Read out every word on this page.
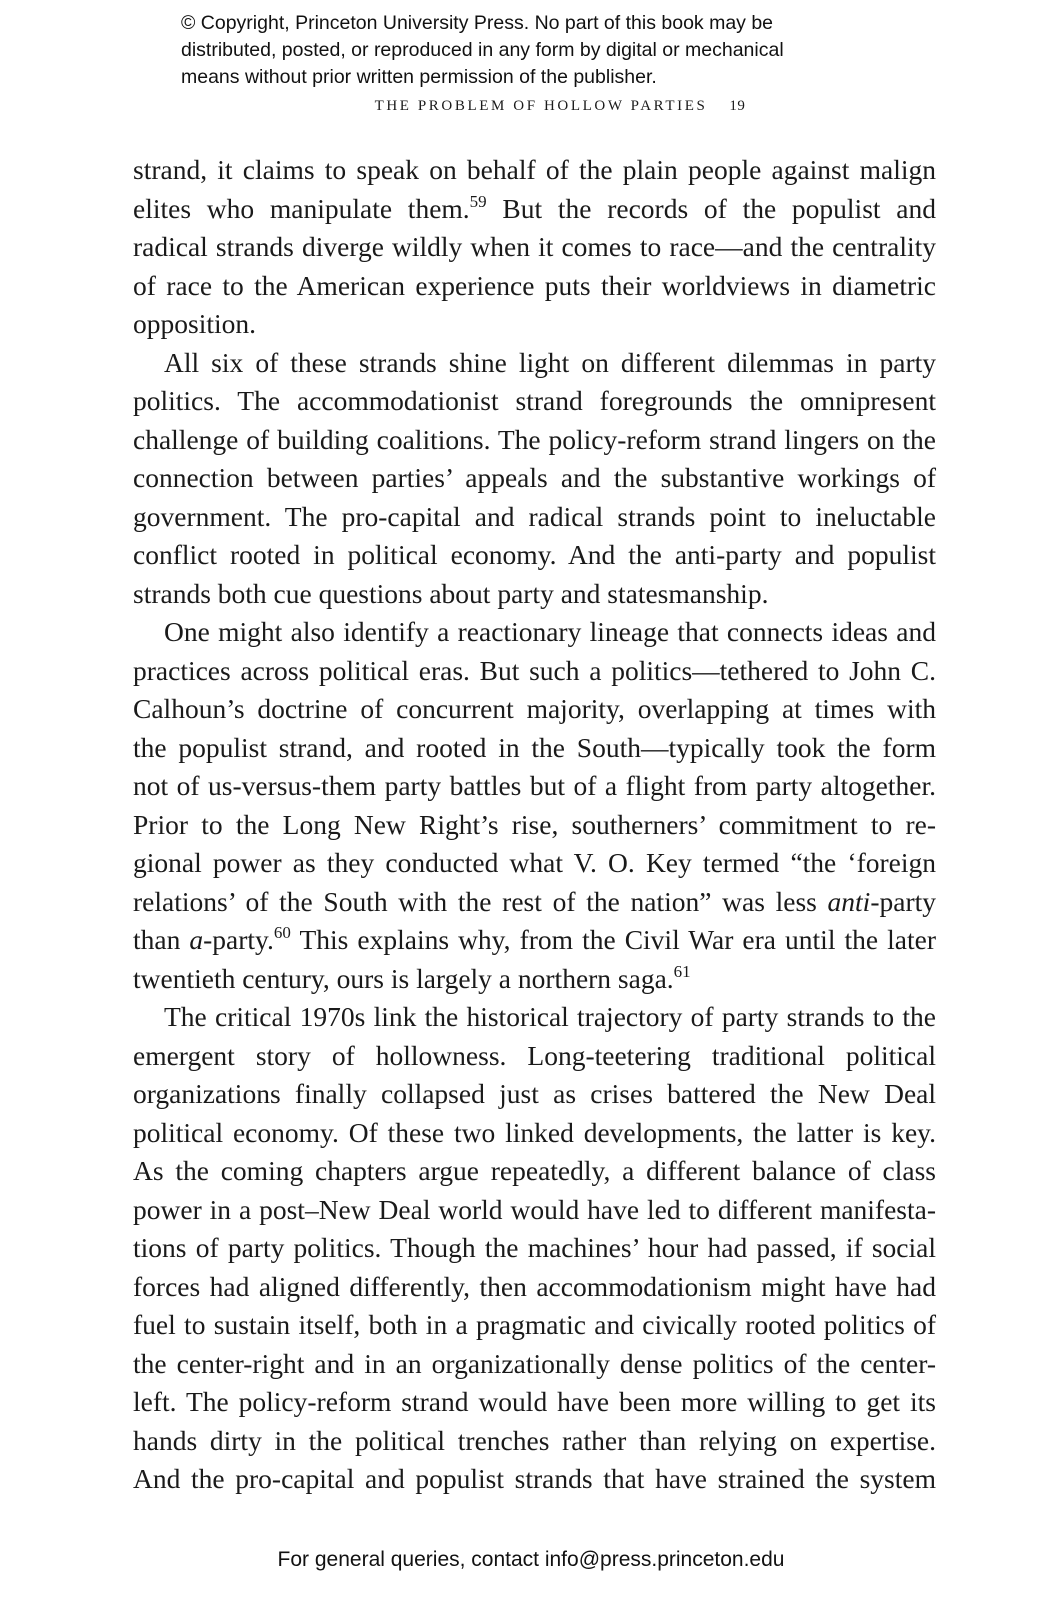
© Copyright, Princeton University Press. No part of this book may be
distributed, posted, or reproduced in any form by digital or mechanical
means without prior written permission of the publisher.
THE PROBLEM OF HOLLOW PARTIES 19
strand, it claims to speak on behalf of the plain people against malign
elites who manipulate them.$^{59}$ But the records of the populist and
radical strands diverge wildly when it comes to race—and the centrality
of race to the American experience puts their worldviews in diametric
opposition.
All six of these strands shine light on different dilemmas in party
politics. The accommodationist strand foregrounds the omnipresent
challenge of building coalitions. The policy-reform strand lingers on the
connection between parties’ appeals and the substantive workings of
government. The pro-capital and radical strands point to ineluctable
conflict rooted in political economy. And the anti-party and populist
strands both cue questions about party and statesmanship.
One might also identify a reactionary lineage that connects ideas and
practices across political eras. But such a politics—tethered to John C.
Calhoun’s doctrine of concurrent majority, overlapping at times with
the populist strand, and rooted in the South—typically took the form
not of us-versus-them party battles but of a flight from party altogether.
Prior to the Long New Right’s rise, southerners’ commitment to re-
gional power as they conducted what V. O. Key termed “the ‘foreign
relations’ of the South with the rest of the nation” was less anti-party
than a-party.$^{60}$ This explains why, from the Civil War era until the later
twentieth century, ours is largely a northern saga.$^{61}$
The critical 1970s link the historical trajectory of party strands to the
emergent story of hollowness. Long-teetering traditional political
organizations finally collapsed just as crises battered the New Deal
political economy. Of these two linked developments, the latter is key.
As the coming chapters argue repeatedly, a different balance of class
power in a post–New Deal world would have led to different manifesta-
tions of party politics. Though the machines’ hour had passed, if social
forces had aligned differently, then accommodationism might have had
fuel to sustain itself, both in a pragmatic and civically rooted politics of
the center-right and in an organizationally dense politics of the center-
left. The policy-reform strand would have been more willing to get its
hands dirty in the political trenches rather than relying on expertise.
And the pro-capital and populist strands that have strained the system
For general queries, contact info@press.princeton.edu
